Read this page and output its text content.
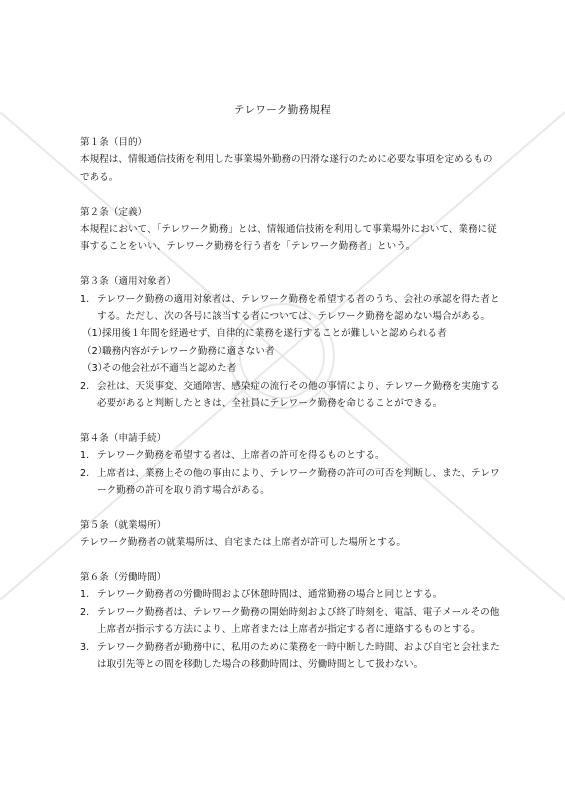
テレワーク勤務規程

第１条（目的）

本規程は、情報通信技術を利用した事業場外勤務の円滑な遂行のために必要な事項を定めるものである。

第２条（定義）

本規程において、「テレワーク勤務」とは、情報通信技術を利用して事業場外において、業務に従事することをいい、テレワーク勤務を行う者を「テレワーク勤務者」という。

第３条（適用対象者）

1. テレワーク勤務の適用対象者は、テレワーク勤務を希望する者のうち、会社の承認を得た者とする。ただし、次の各号に該当する者については、テレワーク勤務を認めない場合がある。
（1）
採用後１年間を経過せず、自律的に業務を遂行することが難しいと認められる者
（2）
職務内容がテレワーク勤務に適さない者
（3）
その他会社が不適当と認めた者
2. 会社は、天災事変、交通障害、感染症の流行その他の事情により、テレワーク勤務を実施する必要があると判断したときは、全社員にテレワーク勤務を命じることができる。

第４条（申請手続）

1. テレワーク勤務を希望する者は、上席者の許可を得るものとする。
2. 上席者は、業務上その他の事由により、テレワーク勤務の許可の可否を判断し、また、テレワーク勤務の許可を取り消す場合がある。

第５条（就業場所）

テレワーク勤務者の就業場所は、自宅または上席者が許可した場所とする。

第６条（労働時間）

1. テレワーク勤務者の労働時間および休憩時間は、通常勤務の場合と同じとする。
2. テレワーク勤務者は、テレワーク勤務の開始時刻および終了時刻を、電話、電子メールその他上席者が指示する方法により、上席者または上席者が指定する者に連絡するものとする。
3. テレワーク勤務者が勤務中に、私用のために業務を一時中断した時間、および自宅と会社または取引先等との間を移動した場合の移動時間は、労働時間として扱わない。
